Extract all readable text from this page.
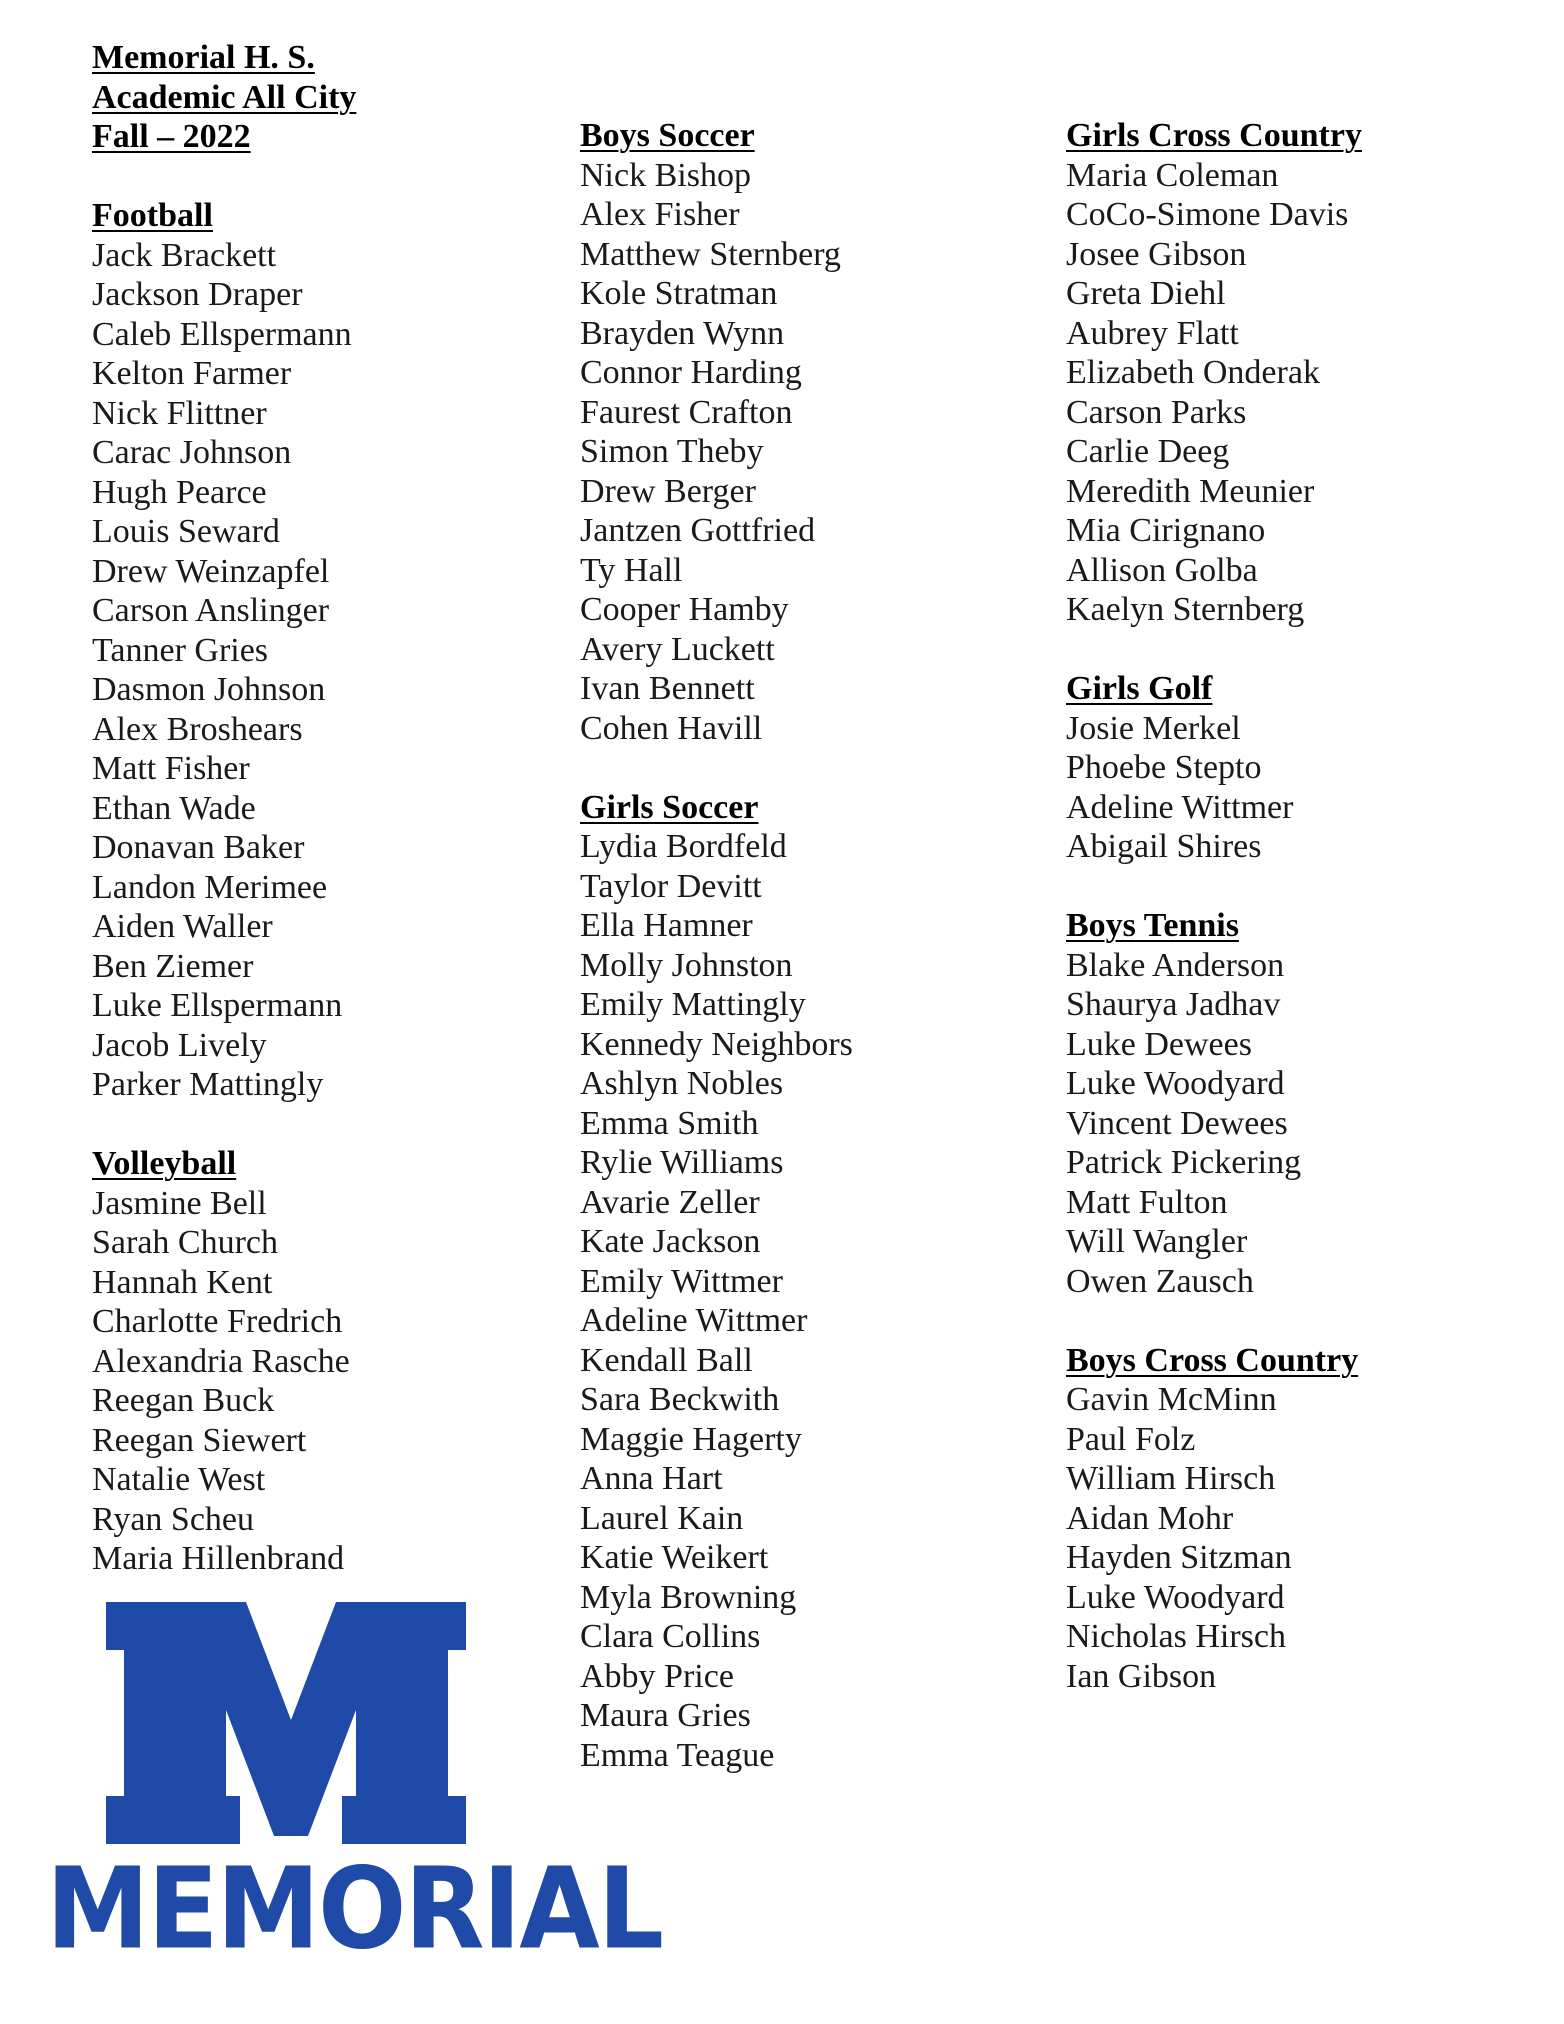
Memorial H. S.
Academic All City
Fall – 2022
Football
Jack Brackett
Jackson Draper
Caleb Ellspermann
Kelton Farmer
Nick Flittner
Carac Johnson
Hugh Pearce
Louis Seward
Drew Weinzapfel
Carson Anslinger
Tanner Gries
Dasmon Johnson
Alex Broshears
Matt Fisher
Ethan Wade
Donavan Baker
Landon Merimee
Aiden Waller
Ben Ziemer
Luke Ellspermann
Jacob Lively
Parker Mattingly
Volleyball
Jasmine Bell
Sarah Church
Hannah Kent
Charlotte Fredrich
Alexandria Rasche
Reegan Buck
Reegan Siewert
Natalie West
Ryan Scheu
Maria Hillenbrand
Boys Soccer
Nick Bishop
Alex Fisher
Matthew Sternberg
Kole Stratman
Brayden Wynn
Connor Harding
Faurest Crafton
Simon Theby
Drew Berger
Jantzen Gottfried
Ty Hall
Cooper Hamby
Avery Luckett
Ivan Bennett
Cohen Havill
Girls Soccer
Lydia Bordfeld
Taylor Devitt
Ella Hamner
Molly Johnston
Emily Mattingly
Kennedy Neighbors
Ashlyn Nobles
Emma Smith
Rylie Williams
Avarie Zeller
Kate Jackson
Emily Wittmer
Adeline Wittmer
Kendall Ball
Sara Beckwith
Maggie Hagerty
Anna Hart
Laurel Kain
Katie Weikert
Myla Browning
Clara Collins
Abby Price
Maura Gries
Emma Teague
Girls Cross Country
Maria Coleman
CoCo-Simone Davis
Josee Gibson
Greta Diehl
Aubrey Flatt
Elizabeth Onderak
Carson Parks
Carlie Deeg
Meredith Meunier
Mia Cirignano
Allison Golba
Kaelyn Sternberg
Girls Golf
Josie Merkel
Phoebe Stepto
Adeline Wittmer
Abigail Shires
Boys Tennis
Blake Anderson
Shaurya Jadhav
Luke Dewees
Luke Woodyard
Vincent Dewees
Patrick Pickering
Matt Fulton
Will Wangler
Owen Zausch
Boys Cross Country
Gavin McMinn
Paul Folz
William Hirsch
Aidan Mohr
Hayden Sitzman
Luke Woodyard
Nicholas Hirsch
Ian Gibson
MEMORIAL
